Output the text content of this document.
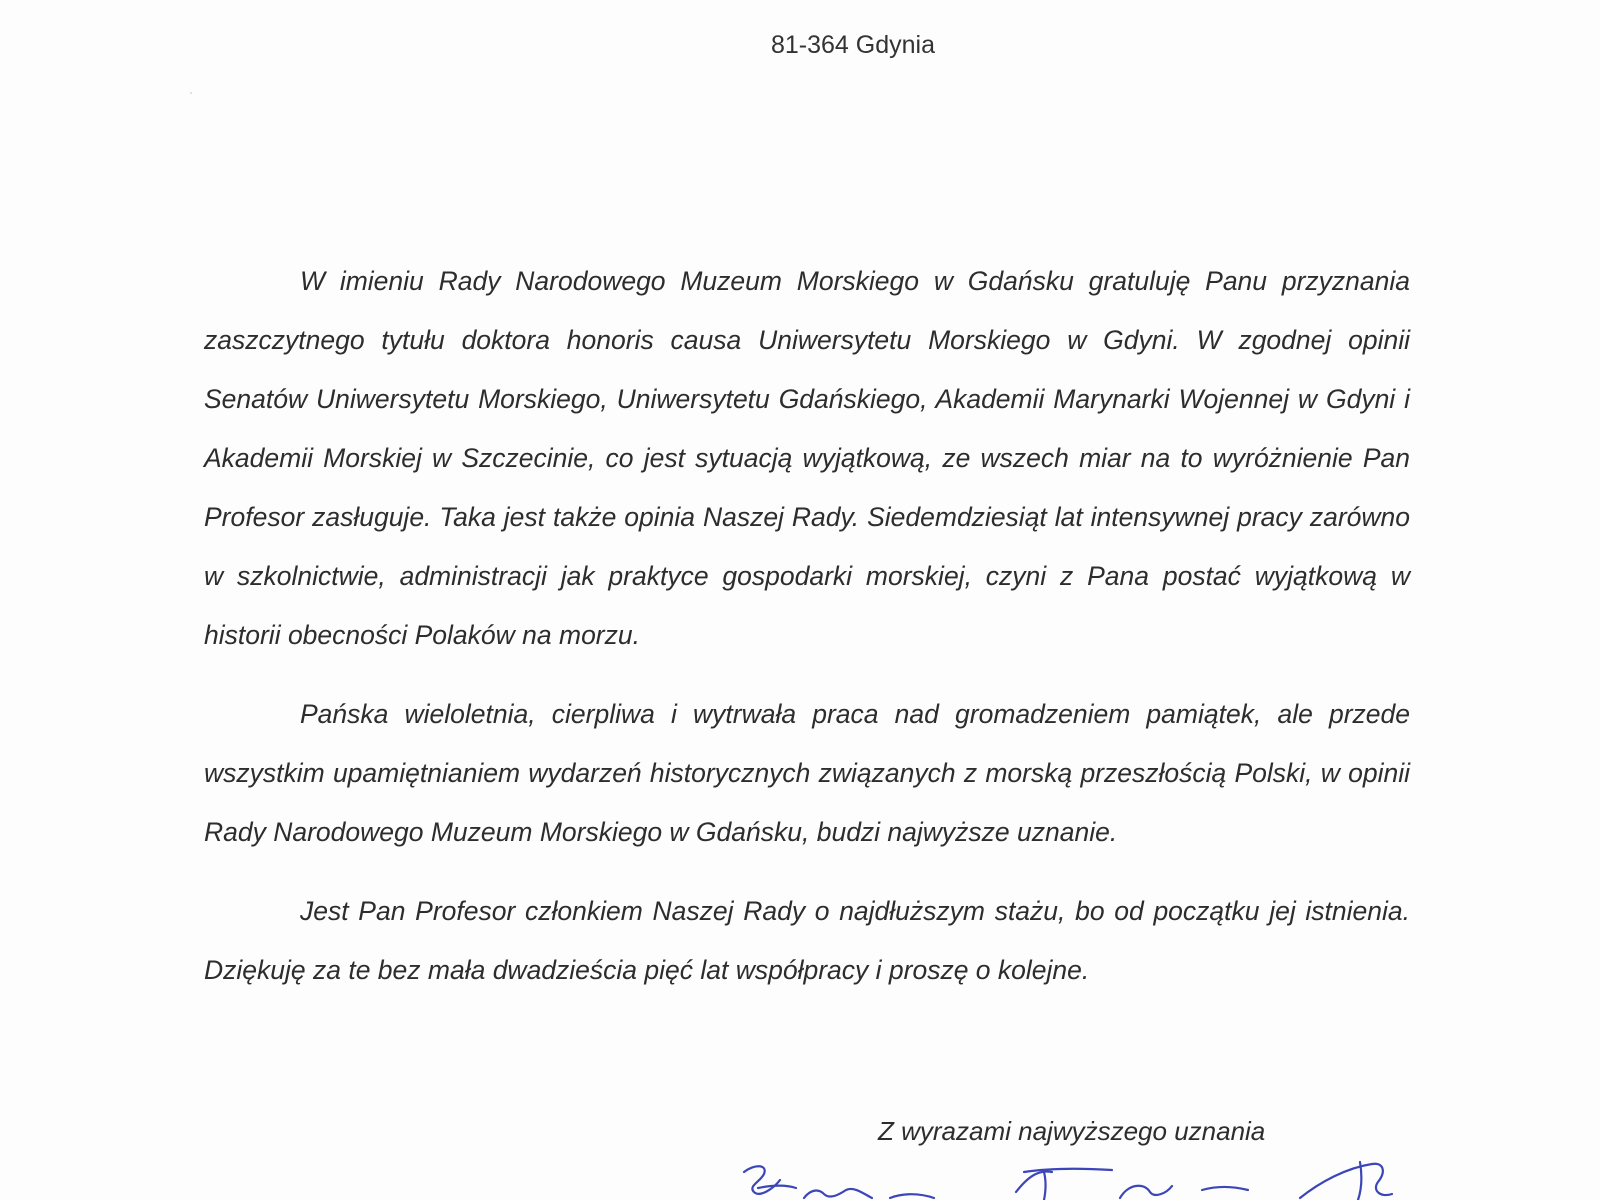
81-364 Gdynia

W imieniu Rady Narodowego Muzeum Morskiego w Gdańsku gratuluję Panu przyznania zaszczytnego tytułu doktora honoris causa Uniwersytetu Morskiego w Gdyni. W zgodnej opinii Senatów Uniwersytetu Morskiego, Uniwersytetu Gdańskiego, Akademii Marynarki Wojennej w Gdyni i Akademii Morskiej w Szczecinie, co jest sytuacją wyjątkową, ze wszech miar na to wyróżnienie Pan Profesor zasługuje. Taka jest także opinia Naszej Rady. Siedemdziesiąt lat intensywnej pracy zarówno w szkolnictwie, administracji jak praktyce gospodarki morskiej, czyni z Pana postać wyjątkową w historii obecności Polaków na morzu.

Pańska wieloletnia, cierpliwa i wytrwała praca nad gromadzeniem pamiątek, ale przede wszystkim upamiętnianiem wydarzeń historycznych związanych z morską przeszłością Polski, w opinii Rady Narodowego Muzeum Morskiego w Gdańsku, budzi najwyższe uznanie.

Jest Pan Profesor członkiem Naszej Rady o najdłuższym stażu, bo od początku jej istnienia. Dziękuję za te bez mała dwadzieścia pięć lat współpracy i proszę o kolejne.

Z wyrazami najwyższego uznania
